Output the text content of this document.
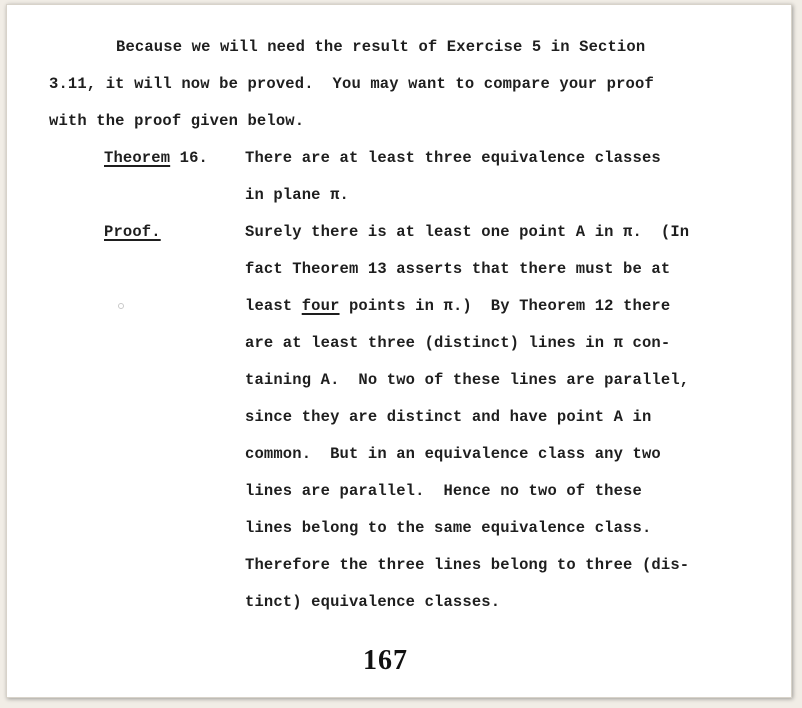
Because we will need the result of Exercise 5 in Section
3.11, it will now be proved.  You may want to compare your proof
with the proof given below.
Theorem 16. There are at least three equivalence classes
in plane π.
Proof.	Surely there is at least one point A in π.  (In
fact Theorem 13 asserts that there must be at
least four points in π.)  By Theorem 12 there
are at least three (distinct) lines in π con-
taining A.  No two of these lines are parallel,
since they are distinct and have point A in
common.  But in an equivalence class any two
lines are parallel.  Hence no two of these
lines belong to the same equivalence class.
Therefore the three lines belong to three (dis-
tinct) equivalence classes.
167
